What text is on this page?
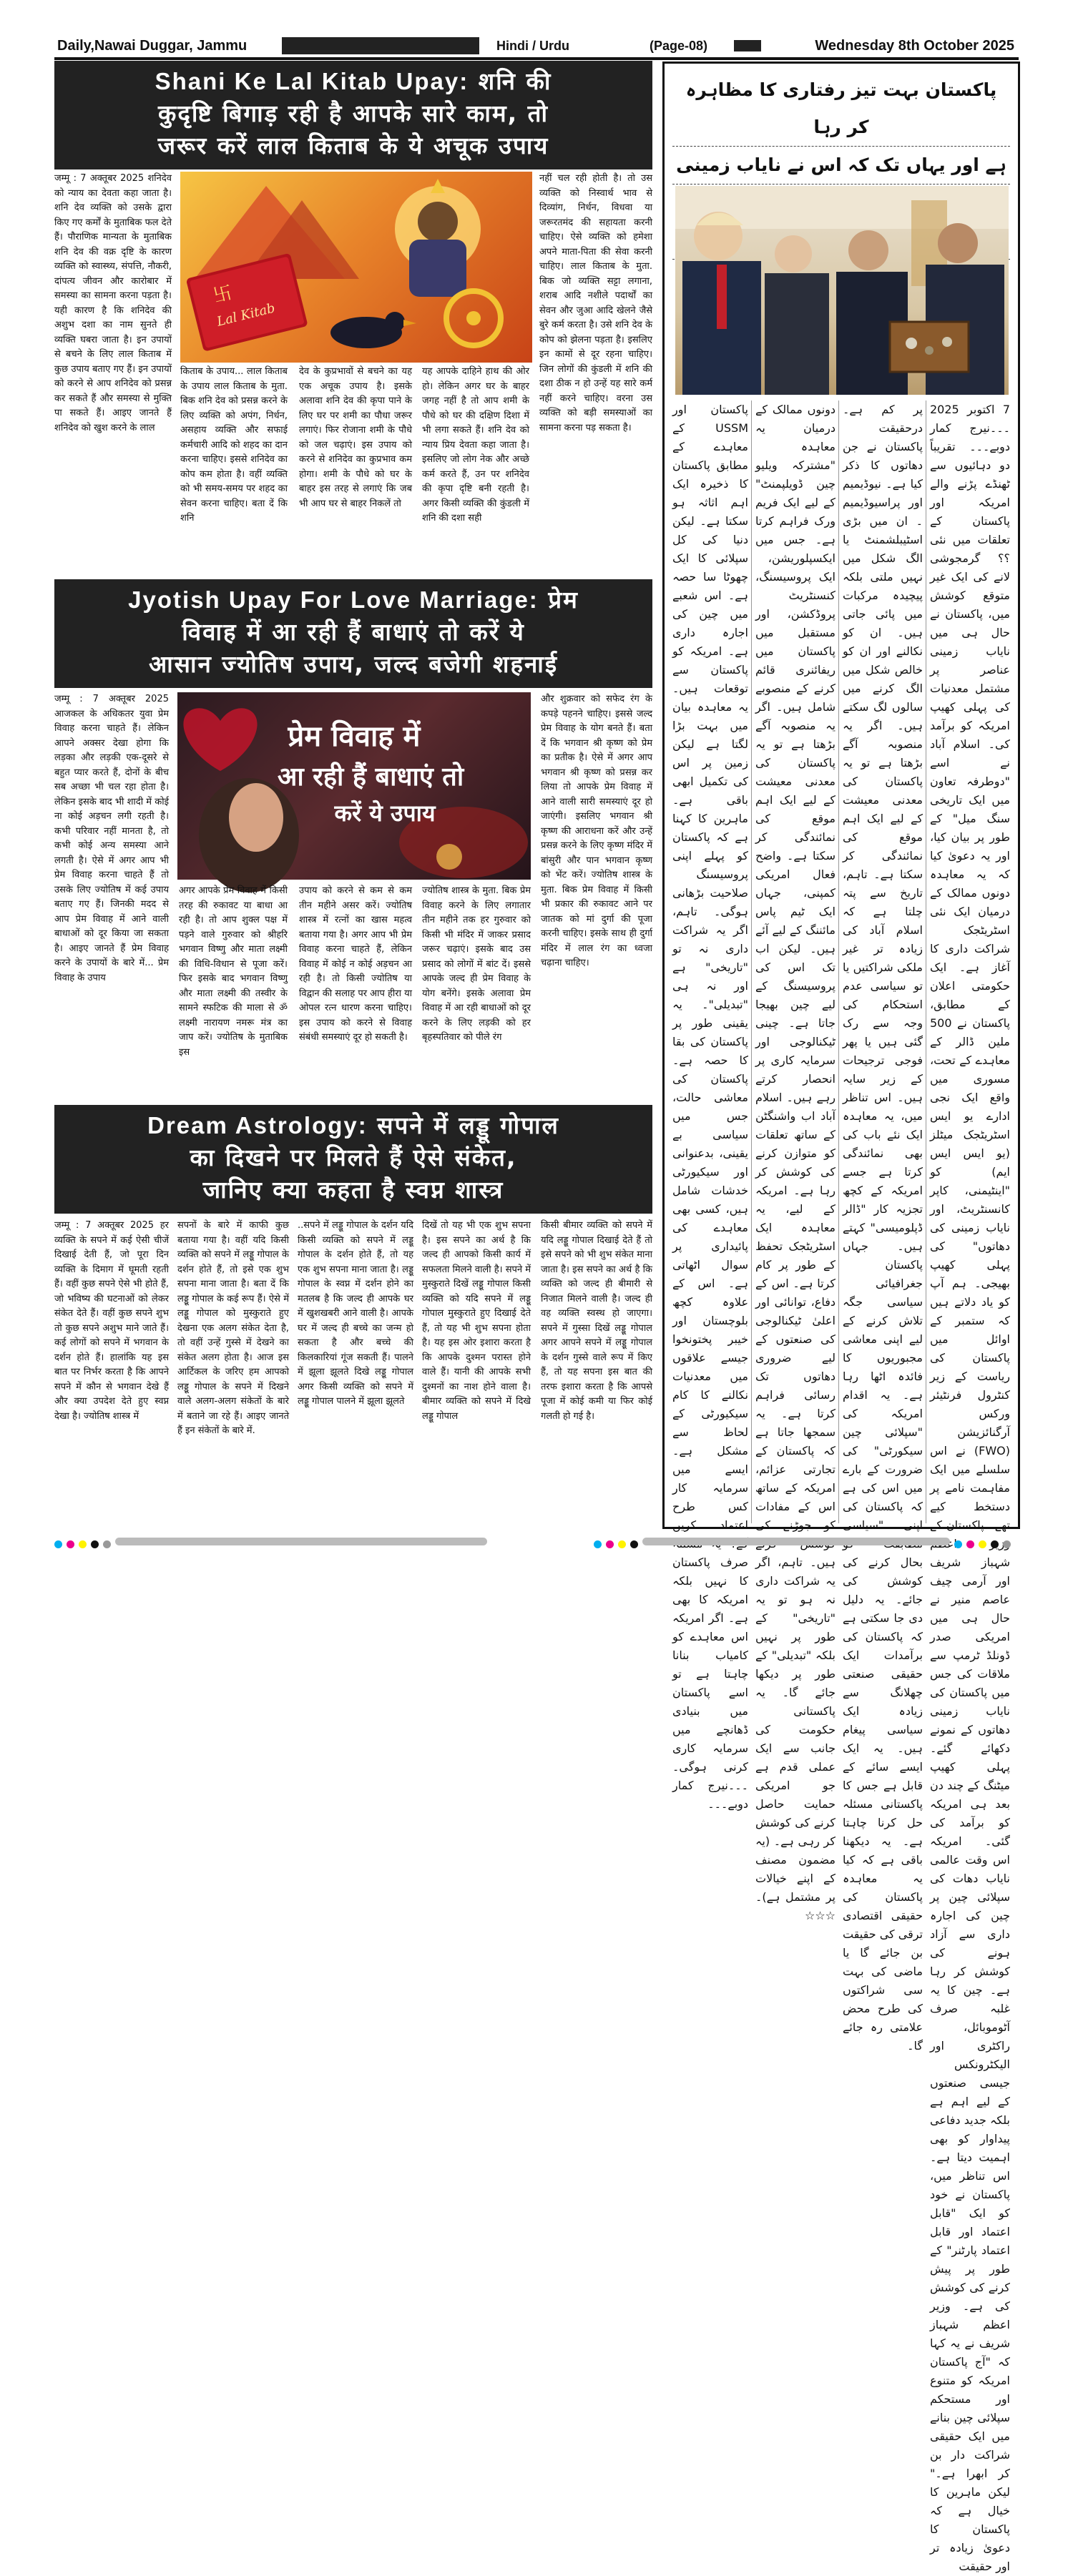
Daily,Nawai Duggar, Jammu	Hindi / Urdu	(Page-08)	Wednesday 8th October 2025
Shani Ke Lal Kitab Upay: शनि की
कुदृष्टि बिगाड़ रही है आपके सारे काम, तो
जरूर करें लाल किताब के ये अचूक उपाय
卐
Lal Kitab
जम्मू : 7 अक्तूबर 2025 शनिदेव को न्याय का देवता कहा जाता है। शनि देव व्यक्ति को उसके द्वारा किए गए कर्मों के मुताबिक फल देते हैं। पौराणिक मान्यता के मुताबिक शनि देव की वक्र दृष्टि के कारण व्यक्ति को स्वास्थ्य, संपत्ति, नौकरी, दांपत्य जीवन और कारोबार में समस्या का सामना करना पड़ता है। यही कारण है कि शनिदेव की अशुभ दशा का नाम सुनते ही व्यक्ति घबरा जाता है। इन उपायों से बचने के लिए लाल किताब में कुछ उपाय बताए गए हैं। इन उपायों को करने से आप शनिदेव को प्रसन्न कर सकते हैं और समस्या से मुक्ति पा सकते हैं। आइए जानते हैं शनिदेव को खुश करने के लाल
किताब के उपाय... लाल किताब के उपाय लाल किताब के मुता. बिक शनि देव को प्रसन्न करने के लिए व्यक्ति को अपंग, निर्धन, असहाय व्यक्ति और सफाई कर्मचारी आदि को शहद का दान करना चाहिए। इससे शनिदेव का कोप कम होता है। वहीं व्यक्ति को भी समय-समय पर शहद का सेवन करना चाहिए। बता दें कि शनि
देव के कुप्रभावों से बचने का यह एक अचूक उपाय है। इसके अलावा शनि देव की कृपा पाने के लिए घर पर शमी का पौधा जरूर लगाएं। फिर रोजाना शमी के पौधे को जल चढ़ाएं। इस उपाय को करने से शनिदेव का कुप्रभाव कम होगा। शमी के पौधे को घर के बाहर इस तरह से लगाएं कि जब भी आप घर से बाहर निकलें तो
यह आपके दाहिने हाथ की ओर हो। लेकिन अगर घर के बाहर जगह नहीं है तो आप शमी के पौधे को घर की दक्षिण दिशा में भी लगा सकते हैं। शनि देव को न्याय प्रिय देवता कहा जाता है। इसलिए जो लोग नेक और अच्छे कर्म करते हैं, उन पर शनिदेव की कृपा दृष्टि बनी रहती है। अगर किसी व्यक्ति की कुंडली में शनि की दशा सही
नहीं चल रही होती है। तो उस व्यक्ति को निस्वार्थ भाव से दिव्यांग, निर्धन, विधवा या जरूरतमंद की सहायता करनी चाहिए। ऐसे व्यक्ति को हमेशा अपने माता-पिता की सेवा करनी चाहिए। लाल किताब के मुता. बिक जो व्यक्ति सट्टा लगाना, शराब आदि नशीले पदार्थों का सेवन और जुआ आदि खेलने जैसे बुरे कर्म करता है। उसे शनि देव के कोप को झेलना पड़ता है। इसलिए इन कामों से दूर रहना चाहिए। जिन लोगों की कुंडली में शनि की दशा ठीक न हो उन्हें यह सारे कर्म नहीं करने चाहिए। वरना उस व्यक्ति को बड़ी समस्याओं का सामना करना पड़ सकता है।
Jyotish Upay For Love Marriage: प्रेम
विवाह में आ रही हैं बाधाएं तो करें ये
आसान ज्योतिष उपाय, जल्द बजेगी शहनाई
प्रेम विवाह में
आ रही हैं बाधाएं तो
करें ये उपाय
जम्मू : 7 अक्तूबर 2025 आजकल के अधिकतर युवा प्रेम विवाह करना चाहते हैं। लेकिन आपने अक्सर देखा होगा कि लड़का और लड़की एक-दूसरे से बहुत प्यार करते हैं, दोनों के बीच सब अच्छा भी चल रहा होता है। लेकिन इसके बाद भी शादी में कोई ना कोई अड़चन लगी रहती है। कभी परिवार नहीं मानता है, तो कभी कोई अन्य समस्या आने लगती है। ऐसे में अगर आप भी प्रेम विवाह करना चाहते हैं तो उसके लिए ज्योतिष में कई उपाय बताए गए हैं। जिनकी मदद से आप प्रेम विवाह में आने वाली बाधाओं को दूर किया जा सकता है। आइए जानते हैं प्रेम विवाह करने के उपायों के बारे में... प्रेम विवाह के उपाय
अगर आपके प्रेम विवाह में किसी तरह की रुकावट या बाधा आ रही है। तो आप शुक्ल पक्ष में पड़ने वाले गुरुवार को श्रीहरि भगवान विष्णु और माता लक्ष्मी की विधि-विधान से पूजा करें। फिर इसके बाद भगवान विष्णु और माता लक्ष्मी की तस्वीर के सामने स्फटिक की माला से ॐ लक्ष्मी नारायण नमरू मंत्र का जाप करें। ज्योतिष के मुताबिक इस
उपाय को करने से कम से कम तीन महीने असर करें। ज्योतिष शास्त्र में रत्नों का खास महत्व बताया गया है। अगर आप भी प्रेम विवाह करना चाहते हैं, लेकिन विवाह में कोई न कोई अड़चन आ रही है। तो किसी ज्योतिष या विद्वान की सलाह पर आप हीरा या ओपल रत्न धारण करना चाहिए। इस उपाय को करने से विवाह संबंधी समस्याएं दूर हो सकती है।
ज्योतिष शास्त्र के मुता. बिक प्रेम विवाह करने के लिए लगातार तीन महीने तक हर गुरुवार को किसी भी मंदिर में जाकर प्रसाद जरूर चढ़ाएं। इसके बाद उस प्रसाद को लोगों में बांट दें। इससे आपके जल्द ही प्रेम विवाह के योग बनेंगे। इसके अलावा प्रेम विवाह में आ रही बाधाओं को दूर करने के लिए लड़की को हर बृहस्पतिवार को पीले रंग
और शुक्रवार को सफेद रंग के कपड़े पहनने चाहिए। इससे जल्द प्रेम विवाह के योग बनते हैं। बता दें कि भगवान श्री कृष्ण को प्रेम का प्रतीक है। ऐसे में अगर आप भगवान श्री कृष्ण को प्रसन्न कर लिया तो आपके प्रेम विवाह में आने वाली सारी समस्याएं दूर हो जाएंगी। इसलिए भगवान श्री कृष्ण की आराधना करें और उन्हें प्रसन्न करने के लिए कृष्ण मंदिर में बांसुरी और पान भगवान कृष्ण को भेंट करें। ज्योतिष शास्त्र के मुता. बिक प्रेम विवाह में किसी भी प्रकार की रुकावट आने पर जातक को मां दुर्गा की पूजा करनी चाहिए। इसके साथ ही दुर्गा मंदिर में लाल रंग का ध्वजा चढ़ाना चाहिए।
Dream Astrology: सपने में लड्डू गोपाल
का दिखने पर मिलते हैं ऐसे संकेत,
जानिए क्या कहता है स्वप्न शास्त्र
जम्मू : 7 अक्तूबर 2025 हर व्यक्ति के सपने में कई ऐसी चीजें दिखाई देती हैं, जो पूरा दिन व्यक्ति के दिमाग में घूमती रहती हैं। वहीं कुछ सपने ऐसे भी होते हैं, जो भविष्य की घटनाओं को लेकर संकेत देते हैं। वहीं कुछ सपने शुभ तो कुछ सपने अशुभ माने जाते हैं। कई लोगों को सपने में भगवान के दर्शन होते हैं। हालांकि यह इस बात पर निर्भर करता है कि आपने सपने में कौन से भगवान देखे हैं और क्या उपदेश देते हुए स्वप्न देखा है। ज्योतिष शास्त्र में
सपनों के बारे में काफी कुछ बताया गया है। वहीं यदि किसी व्यक्ति को सपने में लड्डू गोपाल के दर्शन होते हैं, तो इसे एक शुभ सपना माना जाता है। बता दें कि लड्डू गोपाल के कई रूप हैं। ऐसे में लड्डू गोपाल को मुस्कुराते हुए देखना एक अलग संकेत देता है, तो वहीं उन्हें गुस्से में देखने का संकेत अलग होता है। आज इस आर्टिकल के जरिए हम आपको लड्डू गोपाल के सपने में दिखने वाले अलग-अलग संकेतों के बारे में बताने जा रहे हैं। आइए जानते हैं इन संकेतों के बारे में.
..सपने में लड्डू गोपाल के दर्शन यदि किसी व्यक्ति को सपने में लड्डू गोपाल के दर्शन होते हैं, तो यह एक शुभ सपना माना जाता है। लड्डू गोपाल के स्वप्न में दर्शन होने का मतलब है कि जल्द ही आपके घर में खुशखबरी आने वाली है। आपके घर में जल्द ही बच्चे का जन्म हो सकता है और बच्चे की किलकारियां गूंज सकती हैं। पालने में झूला झूलते दिखे लड्डू गोपाल अगर किसी व्यक्ति को सपने में लड्डू गोपाल पालने में झूला झूलते
दिखें तो यह भी एक शुभ सपना है। इस सपने का अर्थ है कि जल्द ही आपको किसी कार्य में सफलता मिलने वाली है। सपने में मुस्कुराते दिखें लड्डू गोपाल किसी व्यक्ति को यदि सपने में लड्डू गोपाल मुस्कुराते हुए दिखाई देते हैं, तो यह भी शुभ सपना होता है। यह इस ओर इशारा करता है कि आपके दुश्मन परास्त होने वाले हैं। यानी की आपके सभी दुश्मनों का नाश होने वाला है। बीमार व्यक्ति को सपने में दिखे लड्डू गोपाल
किसी बीमार व्यक्ति को सपने में यदि लड्डू गोपाल दिखाई देते हैं तो इसे सपने को भी शुभ संकेत माना जाता है। इस सपने का अर्थ है कि व्यक्ति को जल्द ही बीमारी से निजात मिलने वाली है। जल्द ही वह व्यक्ति स्वस्थ हो जाएगा। सपने में गुस्सा दिखें लड्डू गोपाल अगर आपने सपने में लड्डू गोपाल के दर्शन गुस्से वाले रूप में किए हैं, तो यह सपना इस बात की तरफ इशारा करता है कि आपसे पूजा में कोई कमी या फिर कोई गलती हो गई है।
پاکستان بہت تیز رفتاری کا مظاہرہ کر رہا
ہے اور یہاں تک کہ اس نے نایاب زمینی
7 اکتوبر 2025 ۔۔۔نیرج کمار دوبے۔۔۔ تقریباً دو دہائیوں سے ٹھنڈے پڑنے والے امریکہ اور پاکستان کے تعلقات میں نئی ؟؟ گرمجوشی لانے کی ایک غیر متوقع کوشش میں، پاکستان نے حال ہی میں نایاب زمینی عناصر پر مشتمل معدنیات کی پہلی کھیپ امریکہ کو برآمد کی۔ اسلام آباد نے اسے "دوطرفہ تعاون میں ایک تاریخی سنگ میل" کے طور پر بیان کیا، اور یہ دعویٰ کیا کہ یہ معاہدہ دونوں ممالک کے درمیان ایک نئی اسٹریٹجک شراکت داری کا آغاز ہے۔ ایک حکومتی اعلان کے مطابق، پاکستان نے 500 ملین ڈالر کے معاہدے کے تحت، مسوری میں واقع ایک نجی ادارے یو ایس اسٹریٹجک میٹلز (یو ایس ایس ایم) کو "اینٹیمنی، کاپر کانسنٹریٹ، اور نایاب زمینی کی دھاتوں" کی پہلی کھیپ بھیجی۔ ہم آپ کو یاد دلاتے ہیں کہ ستمبر کے اوائل میں پاکستان کی ریاست کے زیر کنٹرول فرنٹیئر ورکس آرگنائزیشن (FWO) نے اس سلسلے میں ایک مفاہمت نامے پر دستخط کیے تھے۔ پاکستان کے وزیر شہباز شریف اور آرمی چیف عاصم منیر نے حال ہی میں امریکی صدر ڈونلڈ ٹرمپ سے ملاقات کی جس میں پاکستان کی نایاب زمینی دھاتوں کے نمونے دکھائے گئے۔ پہلی کھیپ میٹنگ کے چند دن بعد ہی امریکہ کو برآمد کی گئی۔ امریکہ اس وقت عالمی نایاب دھات کی سپلائی چین پر چین کی اجارہ داری سے آزاد ہونے کی کوشش کر رہا ہے۔ چین کا یہ غلبہ صرف آٹوموبائل، راکٹری اور الیکٹرونکس جیسی صنعتوں کے لیے اہم ہے بلکہ جدید دفاعی پیداوار کو بھی اہمیت دیتا ہے۔ اس تناظر میں، پاکستان نے خود کو ایک "قابل اعتماد اور قابل اعتماد پارٹنر" کے طور پر پیش کرنے کی کوشش کی ہے۔ وزیر اعظم شہباز شریف نے یہ کہا کہ "آج پاکستان امریکہ کو متنوع اور مستحکم سپلائی چین بنانے میں ایک حقیقی شراکت دار بن کر ابھرا ہے۔" لیکن ماہرین کا خیال ہے کہ پاکستان کا دعویٰ زیادہ تر اور حقیقت
پر کم ہے۔ درحقیقت پاکستان نے جن دھاتوں کا ذکر کیا ہے۔ نیوڈیمیم اور پراسیوڈیمیم ۔ ان میں بڑی اسٹیبلشمنٹ یا الگ شکل میں نہیں ملتی بلکہ پیچیدہ مرکبات میں پائی جاتی ہیں۔ ان کو نکالنے اور ان کو خالص شکل میں الگ کرنے میں سالوں لگ سکتے ہیں۔ اگر یہ منصوبہ آگے بڑھتا ہے تو یہ پاکستان کی معدنی معیشت کے لیے ایک اہم موقع کی نمائندگی کر سکتا ہے۔ تاہم، تاریخ سے پتہ چلتا ہے کہ اسلام آباد کی زیادہ تر غیر ملکی شراکتیں یا تو سیاسی عدم استحکام کی وجہ سے رک گئی ہیں یا پھر فوجی ترجیحات کے زیر سایہ ہیں۔ اس تناظر میں، یہ معاہدہ ایک نئے باب کی بھی نمائندگی کرتا ہے جسے امریکہ کے کچھ تجزیہ کار "ڈالر ڈپلومیسی" کہتے ہیں۔ جہاں پاکستان جغرافیائی سیاسی جگہ تلاش کرنے کے لیے اپنی معاشی مجبوریوں کا فائدہ اٹھا رہا ہے۔ یہ اقدام امریکہ کی "سپلائی چین سیکورٹی" کی ضرورت کے بارے میں اس کی ہے کہ پاکستان کی اپنی "سیاسی بحال کرنے کی کوشش کی جائے۔ یہ دلیل دی جا سکتی ہے کہ پاکستان کی برآمدات ایک حقیقی صنعتی چھلانگ سے زیادہ ایک سیاسی پیغام ہیں۔ یہ ایک ایسے سائے کے قابل ہے جس کا پاکستانی مسئلہ حل کرنا چاہتا ہے۔ یہ دیکھنا باقی ہے کہ کیا یہ معاہدہ پاکستان کی حقیقی اقتصادی ترقی کی حقیقت بن جائے گا یا ماضی کی بہت سی شراکتوں کی طرح محض علامتی رہ جائے گا۔
دونوں ممالک کے درمیان یہ معاہدہ "مشترکہ ویلیو چین ڈویلپمنٹ" کے لیے ایک فریم ورک فراہم کرتا ہے۔ جس میں ایکسپلوریشن، ایک پروسیسنگ، کنسنٹریٹ پروڈکشن، اور مستقبل میں پاکستان میں ریفائنری قائم کرنے کے منصوبے شامل ہیں۔ اگر یہ منصوبہ آگے بڑھتا ہے تو یہ پاکستان کی معدنی معیشت کے لیے ایک اہم موقع کی نمائندگی کر سکتا ہے۔ واضح فعال امریکی کمپنی، جہاں ایک ٹیم پاس مائننگ کے لیے آئے ہیں۔ لیکن اب تک اس کی پروسیسنگ کے لیے چین بھیجا جاتا ہے۔ چینی ٹیکنالوجی اور سرمایہ کاری پر انحصار کرتے رہے ہیں۔ اسلام آباد اب واشنگٹن کے ساتھ تعلقات کو متوازن کرنے کی کوشش کر رہا ہے۔ امریکہ کے لیے، یہ معاہدہ ایک اسٹریٹجک تحفظ کے طور پر کام کرتا ہے۔ اس کے دفاع، توانائی اور اعلیٰ ٹیکنالوجی کی صنعتوں کے لیے ضروری دھاتوں تک رسائی فراہم کرتا ہے۔ یہ سمجھا جاتا ہے کہ پاکستان کے تجارتی عزائم، امریکہ کے ساتھ اس کے مفادات کو جوڑنے کی ہیں۔ تاہم، اگر یہ شراکت داری نہ ہو تو یہ "تاریخی" کے طور پر نہیں بلکہ "تبدیلی" کے طور پر دیکھا جائے گا۔ یہ پاکستانی حکومت کی جانب سے ایک عملی قدم ہے جو امریکی حمایت حاصل کرنے کی کوشش کر رہی ہے۔ (یہ مضمون مصنف کے اپنے خیالات پر مشتمل ہے)۔ ☆☆☆
پاکستان اور USSM کے معاہدے کے مطابق پاکستان کا ذخیرہ ایک اہم اثاثہ ہو سکتا ہے۔ لیکن دنیا کی کل سپلائی کا ایک چھوٹا سا حصہ ہے۔ اس شعبے میں چین کی اجارہ داری ہے۔ امریکہ کو پاکستان سے توقعات ہیں۔ یہ معاہدہ بیان میں بہت بڑا لگتا ہے لیکن زمین پر اس کی تکمیل ابھی باقی ہے۔ ماہرین کا کہنا ہے کہ پاکستان کو پہلے اپنی پروسیسنگ صلاحیت بڑھانی ہوگی۔ تاہم، اگر یہ شراکت داری نہ تو "تاریخی" ہے اور نہ ہی "تبدیلی"۔ یہ یقینی طور پر پاکستان کی بقا کا حصہ ہے۔ پاکستان کی معاشی حالت، جس میں سیاسی بے یقینی، بدعنوانی اور سیکیورٹی خدشات شامل ہیں، کسی بھی معاہدے کی پائیداری پر سوال اٹھاتی ہے۔ اس کے علاوہ کچھ بلوچستان اور خیبر پختونخوا جیسے علاقوں میں معدنیات نکالنے کا کام سیکیورٹی کے لحاظ سے مشکل ہے۔ ایسے میں سرمایہ کار کس طرح اعتماد کریں صرف پاکستان کا نہیں بلکہ امریکہ کا بھی ہے۔ اگر امریکہ اس معاہدے کو کامیاب بنانا چاہتا ہے تو اسے پاکستان میں بنیادی ڈھانچے میں سرمایہ کاری کرنی ہوگی۔ ۔۔۔نیرج کمار دوبے۔۔۔
